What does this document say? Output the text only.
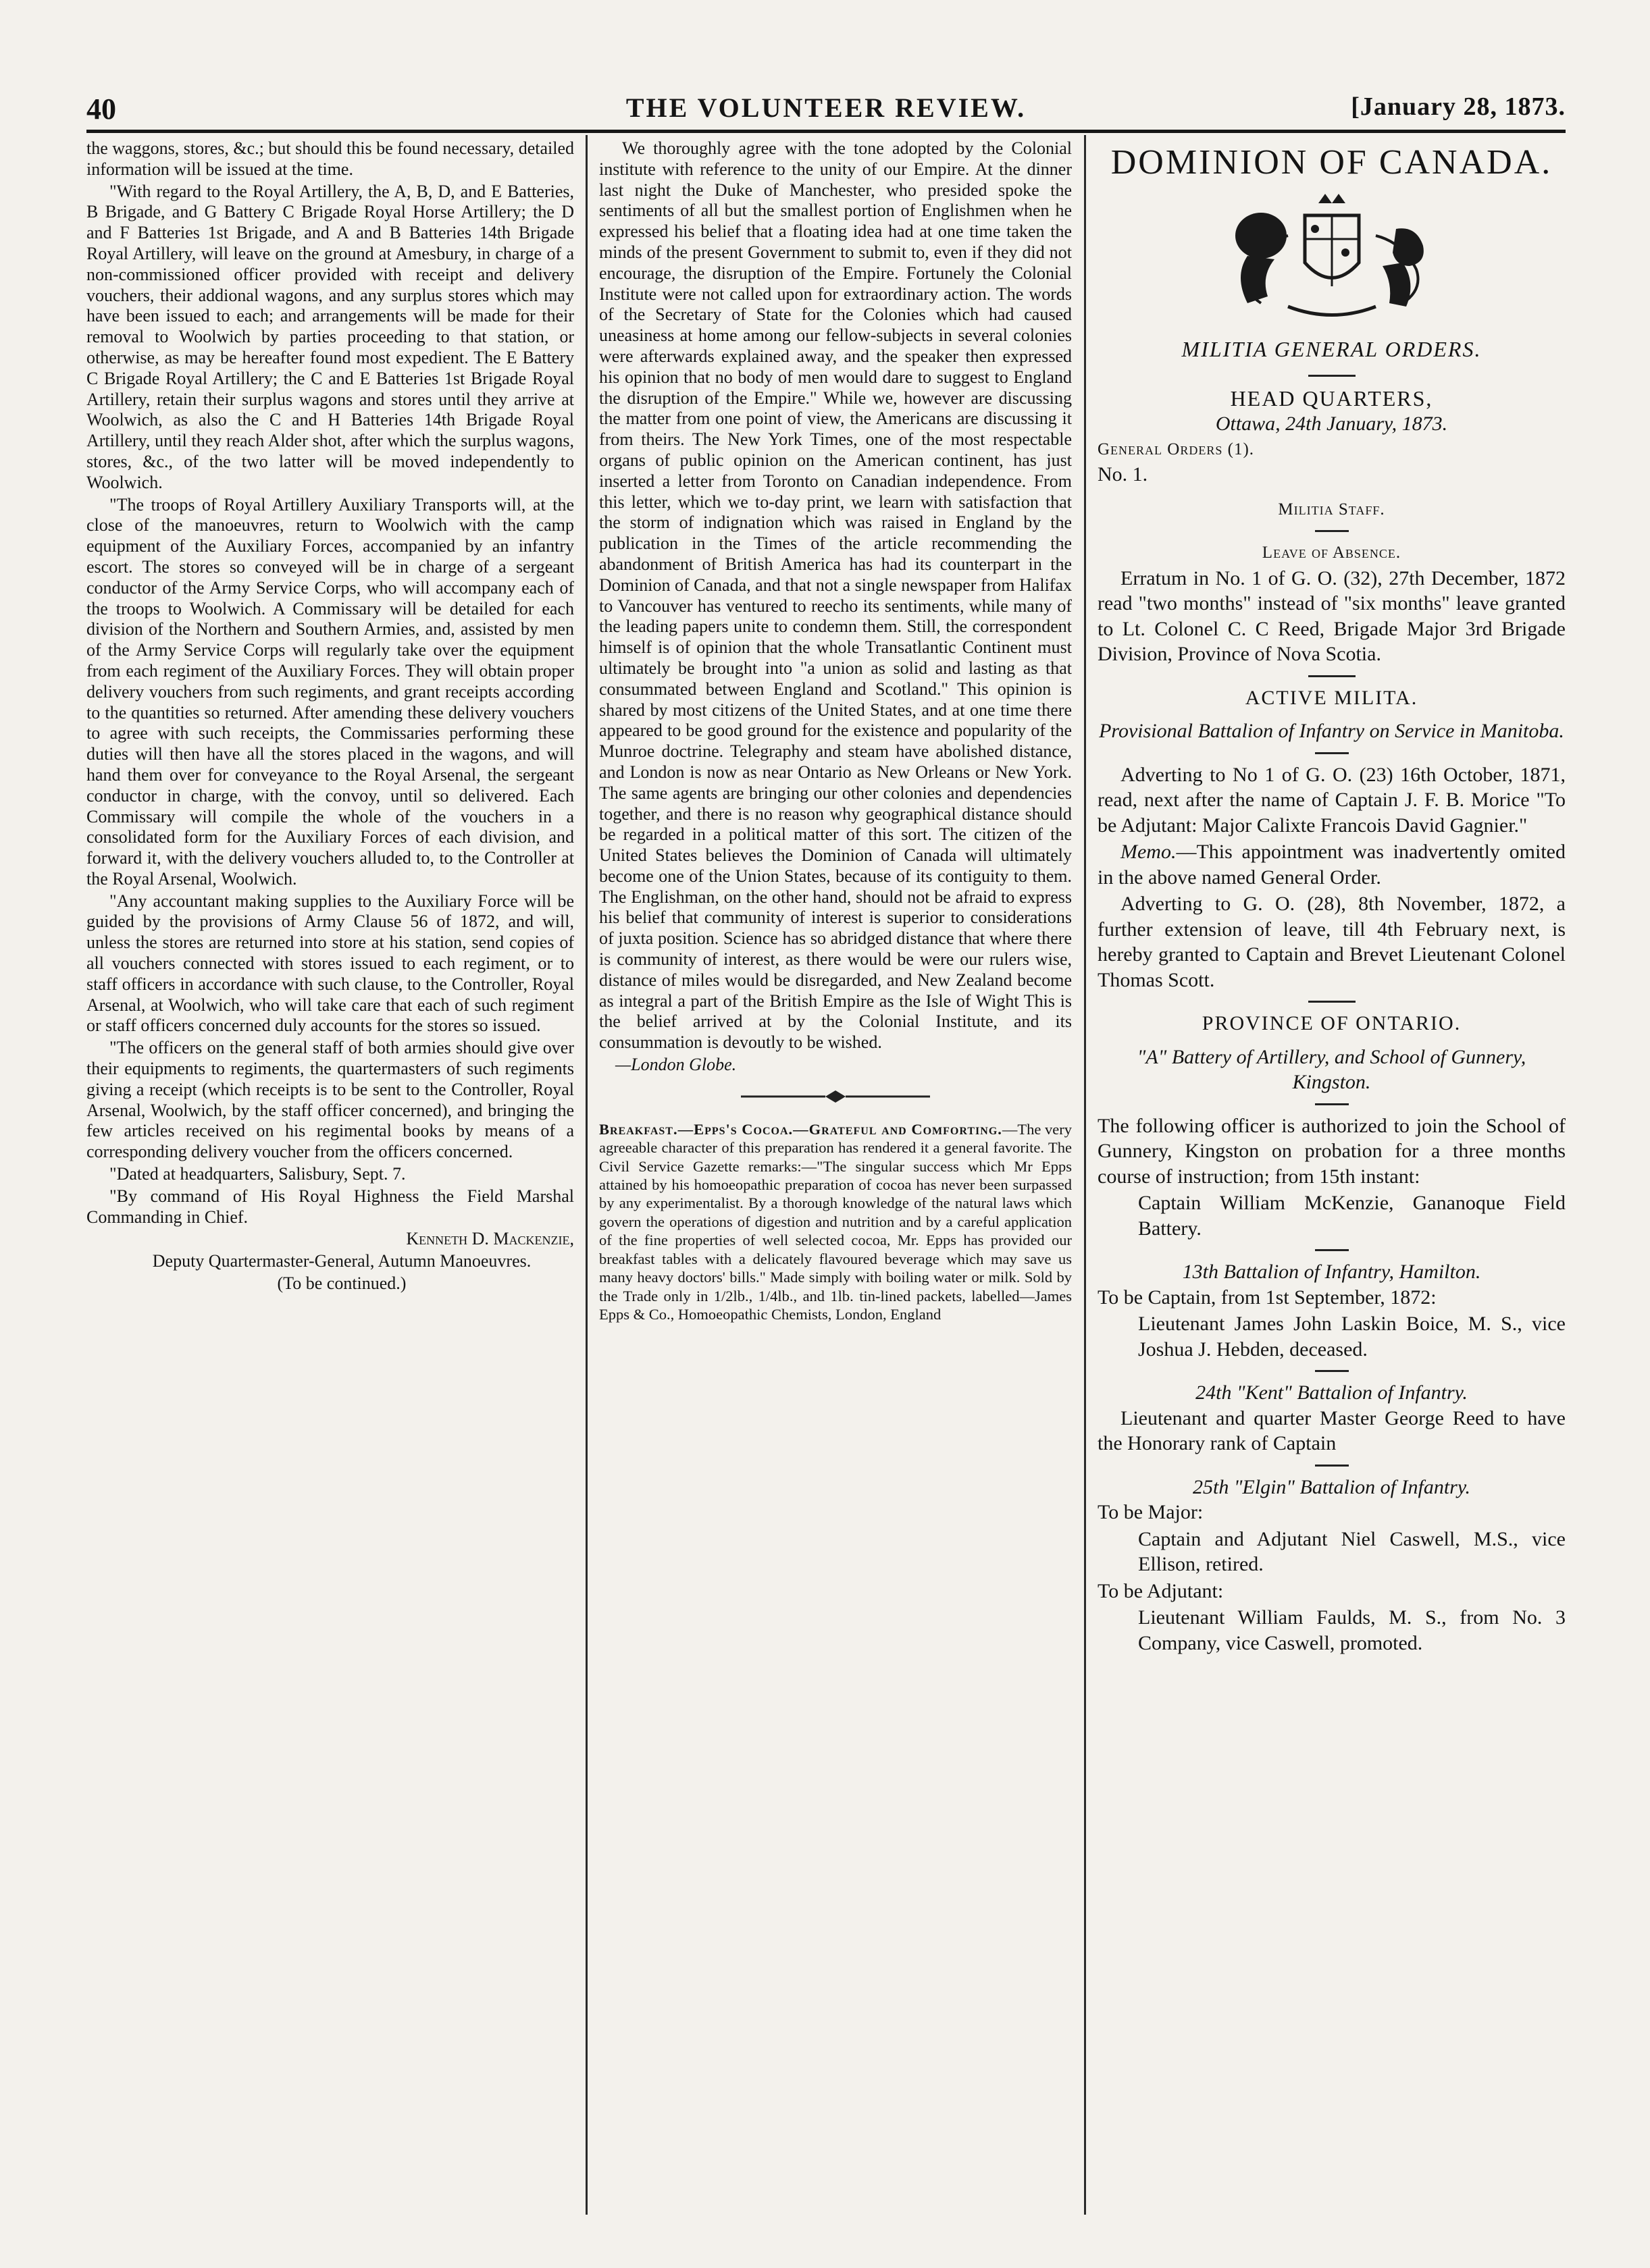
40	THE VOLUNTEER REVIEW.	[January 28, 1873.

the waggons, stores, &c.; but should this be found necessary, detailed information will be issued at the time.

"With regard to the Royal Artillery, the A, B, D, and E Batteries, B Brigade, and G Battery C Brigade Royal Horse Artillery; the D and F Batteries 1st Brigade, and A and B Batteries 14th Brigade Royal Artillery, will leave on the ground at Amesbury, in charge of a non-commissioned officer provided with receipt and delivery vouchers, their addional wagons, and any surplus stores which may have been issued to each; and arrangements will be made for their removal to Woolwich by parties proceeding to that station, or otherwise, as may be hereafter found most expedient. The E Battery C Brigade Royal Artillery; the C and E Batteries 1st Brigade Royal Artillery, retain their surplus wagons and stores until they arrive at Woolwich, as also the C and H Batteries 14th Brigade Royal Artillery, until they reach Alder shot, after which the surplus wagons, stores, &c., of the two latter will be moved independently to Woolwich.

"The troops of Royal Artillery Auxiliary Transports will, at the close of the manoeuvres, return to Woolwich with the camp equipment of the Auxiliary Forces, accompanied by an infantry escort. The stores so conveyed will be in charge of a sergeant conductor of the Army Service Corps, who will accompany each of the troops to Woolwich. A Commissary will be detailed for each division of the Northern and Southern Armies, and, assisted by men of the Army Service Corps will regularly take over the equipment from each regiment of the Auxiliary Forces. They will obtain proper delivery vouchers from such regiments, and grant receipts according to the quantities so returned. After amending these delivery vouchers to agree with such receipts, the Commissaries performing these duties will then have all the stores placed in the wagons, and will hand them over for conveyance to the Royal Arsenal, the sergeant conductor in charge, with the convoy, until so delivered. Each Commissary will compile the whole of the vouchers in a consolidated form for the Auxiliary Forces of each division, and forward it, with the delivery vouchers alluded to, to the Controller at the Royal Arsenal, Woolwich.

"Any accountant making supplies to the Auxiliary Force will be guided by the provisions of Army Clause 56 of 1872, and will, unless the stores are returned into store at his station, send copies of all vouchers connected with stores issued to each regiment, or to staff officers in accordance with such clause, to the Controller, Royal Arsenal, at Woolwich, who will take care that each of such regiment or staff officers concerned duly accounts for the stores so issued.

"The officers on the general staff of both armies should give over their equipments to regiments, the quartermasters of such regiments giving a receipt (which receipts is to be sent to the Controller, Royal Arsenal, Woolwich, by the staff officer concerned), and bringing the few articles received on his regimental books by means of a corresponding delivery voucher from the officers concerned.

"Dated at headquarters, Salisbury, Sept. 7.

"By command of His Royal Highness the Field Marshal Commanding in Chief.

Kenneth D. Mackenzie,

Deputy Quartermaster-General, Autumn Manoeuvres.

(To be continued.)

We thoroughly agree with the tone adopted by the Colonial institute with reference to the unity of our Empire. At the dinner last night the Duke of Manchester, who presided spoke the sentiments of all but the smallest portion of Englishmen when he expressed his belief that a floating idea had at one time taken the minds of the present Government to submit to, even if they did not encourage, the disruption of the Empire. Fortunely the Colonial Institute were not called upon for extraordinary action. The words of the Secretary of State for the Colonies which had caused uneasiness at home among our fellow-subjects in several colonies were afterwards explained away, and the speaker then expressed his opinion that no body of men would dare to suggest to England the disruption of the Empire." While we, however are discussing the matter from one point of view, the Americans are discussing it from theirs. The New York Times, one of the most respectable organs of public opinion on the American continent, has just inserted a letter from Toronto on Canadian independence. From this letter, which we to-day print, we learn with satisfaction that the storm of indignation which was raised in England by the publication in the Times of the article recommending the abandonment of British America has had its counterpart in the Dominion of Canada, and that not a single newspaper from Halifax to Vancouver has ventured to reecho its sentiments, while many of the leading papers unite to condemn them. Still, the correspondent himself is of opinion that the whole Transatlantic Continent must ultimately be brought into "a union as solid and lasting as that consummated between England and Scotland." This opinion is shared by most citizens of the United States, and at one time there appeared to be good ground for the existence and popularity of the Munroe doctrine. Telegraphy and steam have abolished distance, and London is now as near Ontario as New Orleans or New York. The same agents are bringing our other colonies and dependencies together, and there is no reason why geographical distance should be regarded in a political matter of this sort. The citizen of the United States believes the Dominion of Canada will ultimately become one of the Union States, because of its contiguity to them. The Englishman, on the other hand, should not be afraid to express his belief that community of interest is superior to considerations of juxta position. Science has so abridged distance that where there is community of interest, as there would be were our rulers wise, distance of miles would be disregarded, and New Zealand become as integral a part of the British Empire as the Isle of Wight This is the belief arrived at by the Colonial Institute, and its consummation is devoutly to be wished.

—London Globe.

Breakfast.—Epps's Cocoa.—Grateful and Comforting.—The very agreeable character of this preparation has rendered it a general favorite. The Civil Service Gazette remarks:—"The singular success which Mr Epps attained by his homoeopathic preparation of cocoa has never been surpassed by any experimentalist. By a thorough knowledge of the natural laws which govern the operations of digestion and nutrition and by a careful application of the fine properties of well selected cocoa, Mr. Epps has provided our breakfast tables with a delicately flavoured beverage which may save us many heavy doctors' bills." Made simply with boiling water or milk. Sold by the Trade only in 1/2lb., 1/4lb., and 1lb. tin-lined packets, labelled—James Epps & Co., Homoeopathic Chemists, London, England

DOMINION OF CANADA.
MILITIA GENERAL ORDERS.
HEAD QUARTERS,
Ottawa, 24th January, 1873.
General Orders (1).
No. 1.
Militia Staff.
Leave of Absence.

Erratum in No. 1 of G. O. (32), 27th December, 1872 read "two months" instead of "six months" leave granted to Lt. Colonel C. C Reed, Brigade Major 3rd Brigade Division, Province of Nova Scotia.

ACTIVE MILITA.
Provisional Battalion of Infantry on Service in Manitoba.

Adverting to No 1 of G. O. (23) 16th October, 1871, read, next after the name of Captain J. F. B. Morice "To be Adjutant: Major Calixte Francois David Gagnier."

Memo.—This appointment was inadvertently omited in the above named General Order.

Adverting to G. O. (28), 8th November, 1872, a further extension of leave, till 4th February next, is hereby granted to Captain and Brevet Lieutenant Colonel Thomas Scott.

PROVINCE OF ONTARIO.
"A" Battery of Artillery, and School of Gunnery, Kingston.

The following officer is authorized to join the School of Gunnery, Kingston on probation for a three months course of instruction; from 15th instant:

Captain William McKenzie, Gananoque Field Battery.

13th Battalion of Infantry, Hamilton.

To be Captain, from 1st September, 1872:

Lieutenant James John Laskin Boice, M. S., vice Joshua J. Hebden, deceased.

24th "Kent" Battalion of Infantry.

Lieutenant and quarter Master George Reed to have the Honorary rank of Captain

25th "Elgin" Battalion of Infantry.

To be Major:

Captain and Adjutant Niel Caswell, M.S., vice Ellison, retired.

To be Adjutant:

Lieutenant William Faulds, M. S., from No. 3 Company, vice Caswell, promoted.
